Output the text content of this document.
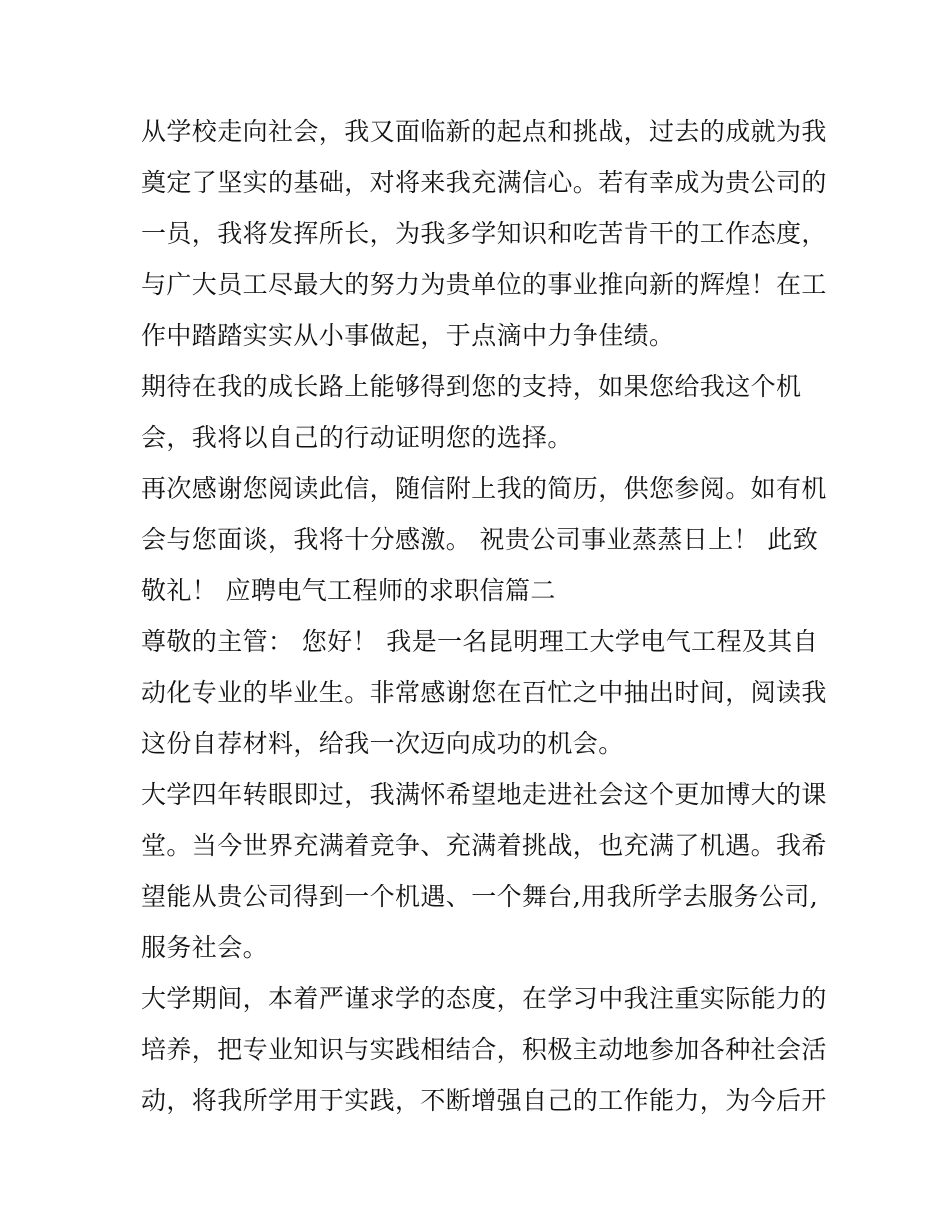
从学校走向社会，我又面临新的起点和挑战，过去的成就为我
奠定了坚实的基础，对将来我充满信心。若有幸成为贵公司的
一员，我将发挥所长，为我多学知识和吃苦肯干的工作态度，
与广大员工尽最大的努力为贵单位的事业推向新的辉煌！在工
作中踏踏实实从小事做起，于点滴中力争佳绩。
期待在我的成长路上能够得到您的支持，如果您给我这个机
会，我将以自己的行动证明您的选择。
再次感谢您阅读此信，随信附上我的简历，供您参阅。如有机
会与您面谈，我将十分感激。 祝贵公司事业蒸蒸日上！ 此致
敬礼！ 应聘电气工程师的求职信篇二
尊敬的主管： 您好！ 我是一名昆明理工大学电气工程及其自
动化专业的毕业生。非常感谢您在百忙之中抽出时间，阅读我
这份自荐材料，给我一次迈向成功的机会。
大学四年转眼即过，我满怀希望地走进社会这个更加博大的课
堂。当今世界充满着竞争、充满着挑战，也充满了机遇。我希
望能从贵公司得到一个机遇、一个舞台,用我所学去服务公司,
服务社会。
大学期间，本着严谨求学的态度，在学习中我注重实际能力的
培养，把专业知识与实践相结合，积极主动地参加各种社会活
动，将我所学用于实践，不断增强自己的工作能力，为今后开
